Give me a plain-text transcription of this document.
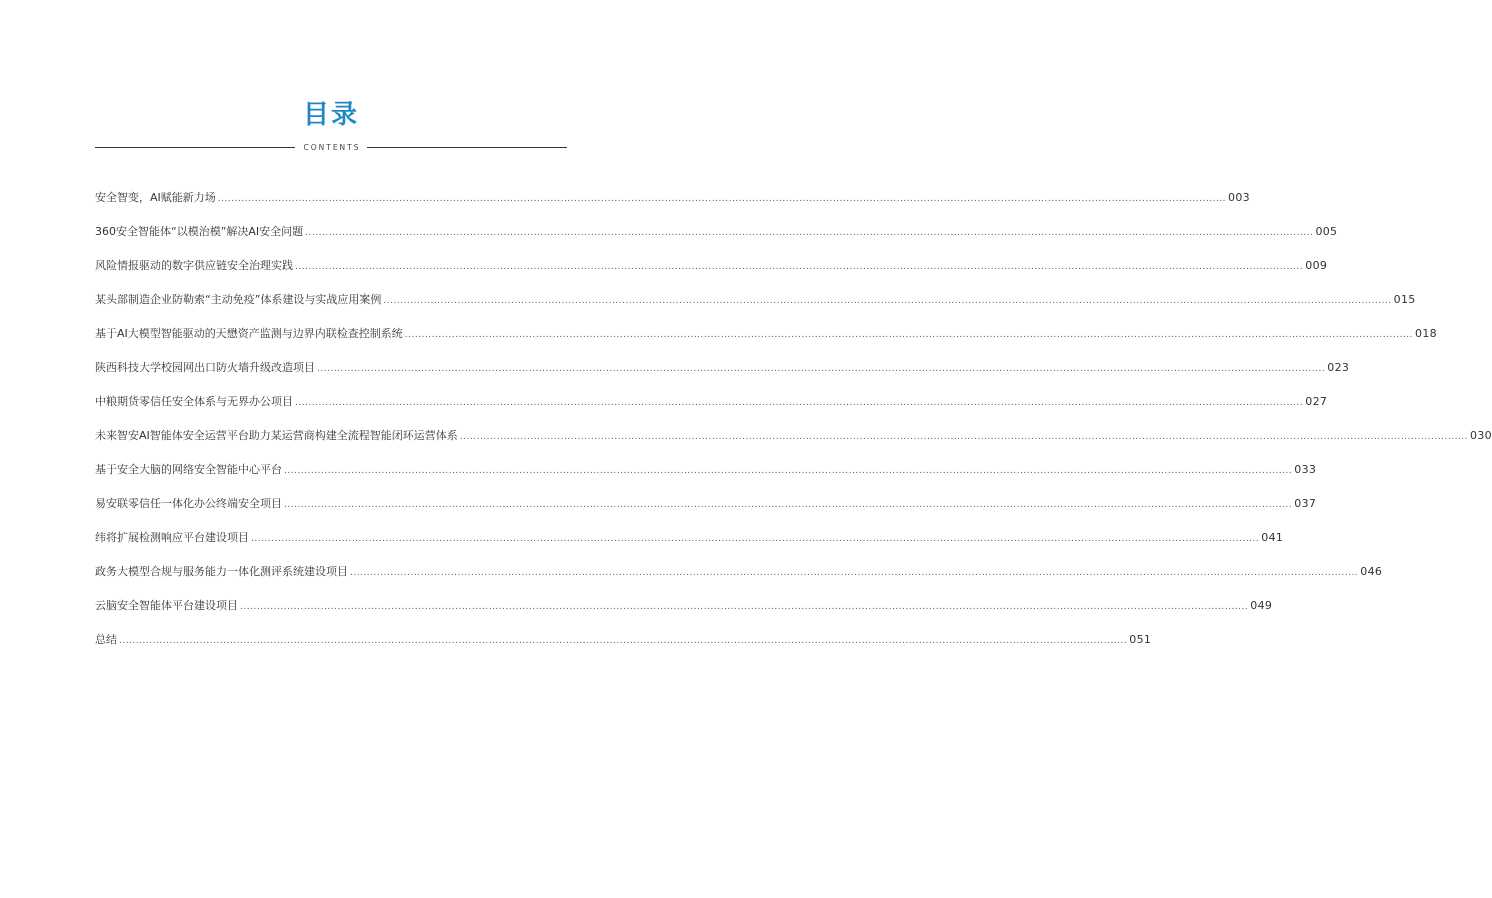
目录
CONTENTS
安全智变，AI赋能新力场 ............................................................................................................................................................................................................................................................................................................ 003
360安全智能体“以模治模”解决AI安全问题 ............................................................................................................................................................................................................................................................................................................ 005
风险情报驱动的数字供应链安全治理实践 ............................................................................................................................................................................................................................................................................................................ 009
某头部制造企业防勒索“主动免疫”体系建设与实战应用案例 ............................................................................................................................................................................................................................................................................................................ 015
基于AI大模型智能驱动的天懋资产监测与边界内联检查控制系统 ............................................................................................................................................................................................................................................................................................................ 018
陕西科技大学校园网出口防火墙升级改造项目 ............................................................................................................................................................................................................................................................................................................ 023
中粮期货零信任安全体系与无界办公项目 ............................................................................................................................................................................................................................................................................................................ 027
未来智安AI智能体安全运营平台助力某运营商构建全流程智能闭环运营体系 ............................................................................................................................................................................................................................................................................................................ 030
基于安全大脑的网络安全智能中心平台 ............................................................................................................................................................................................................................................................................................................ 033
易安联零信任一体化办公终端安全项目 ............................................................................................................................................................................................................................................................................................................ 037
纬将扩展检测响应平台建设项目 ............................................................................................................................................................................................................................................................................................................ 041
政务大模型合规与服务能力一体化测评系统建设项目 ............................................................................................................................................................................................................................................................................................................ 046
云脑安全智能体平台建设项目 ............................................................................................................................................................................................................................................................................................................ 049
总结 ............................................................................................................................................................................................................................................................................................................ 051
